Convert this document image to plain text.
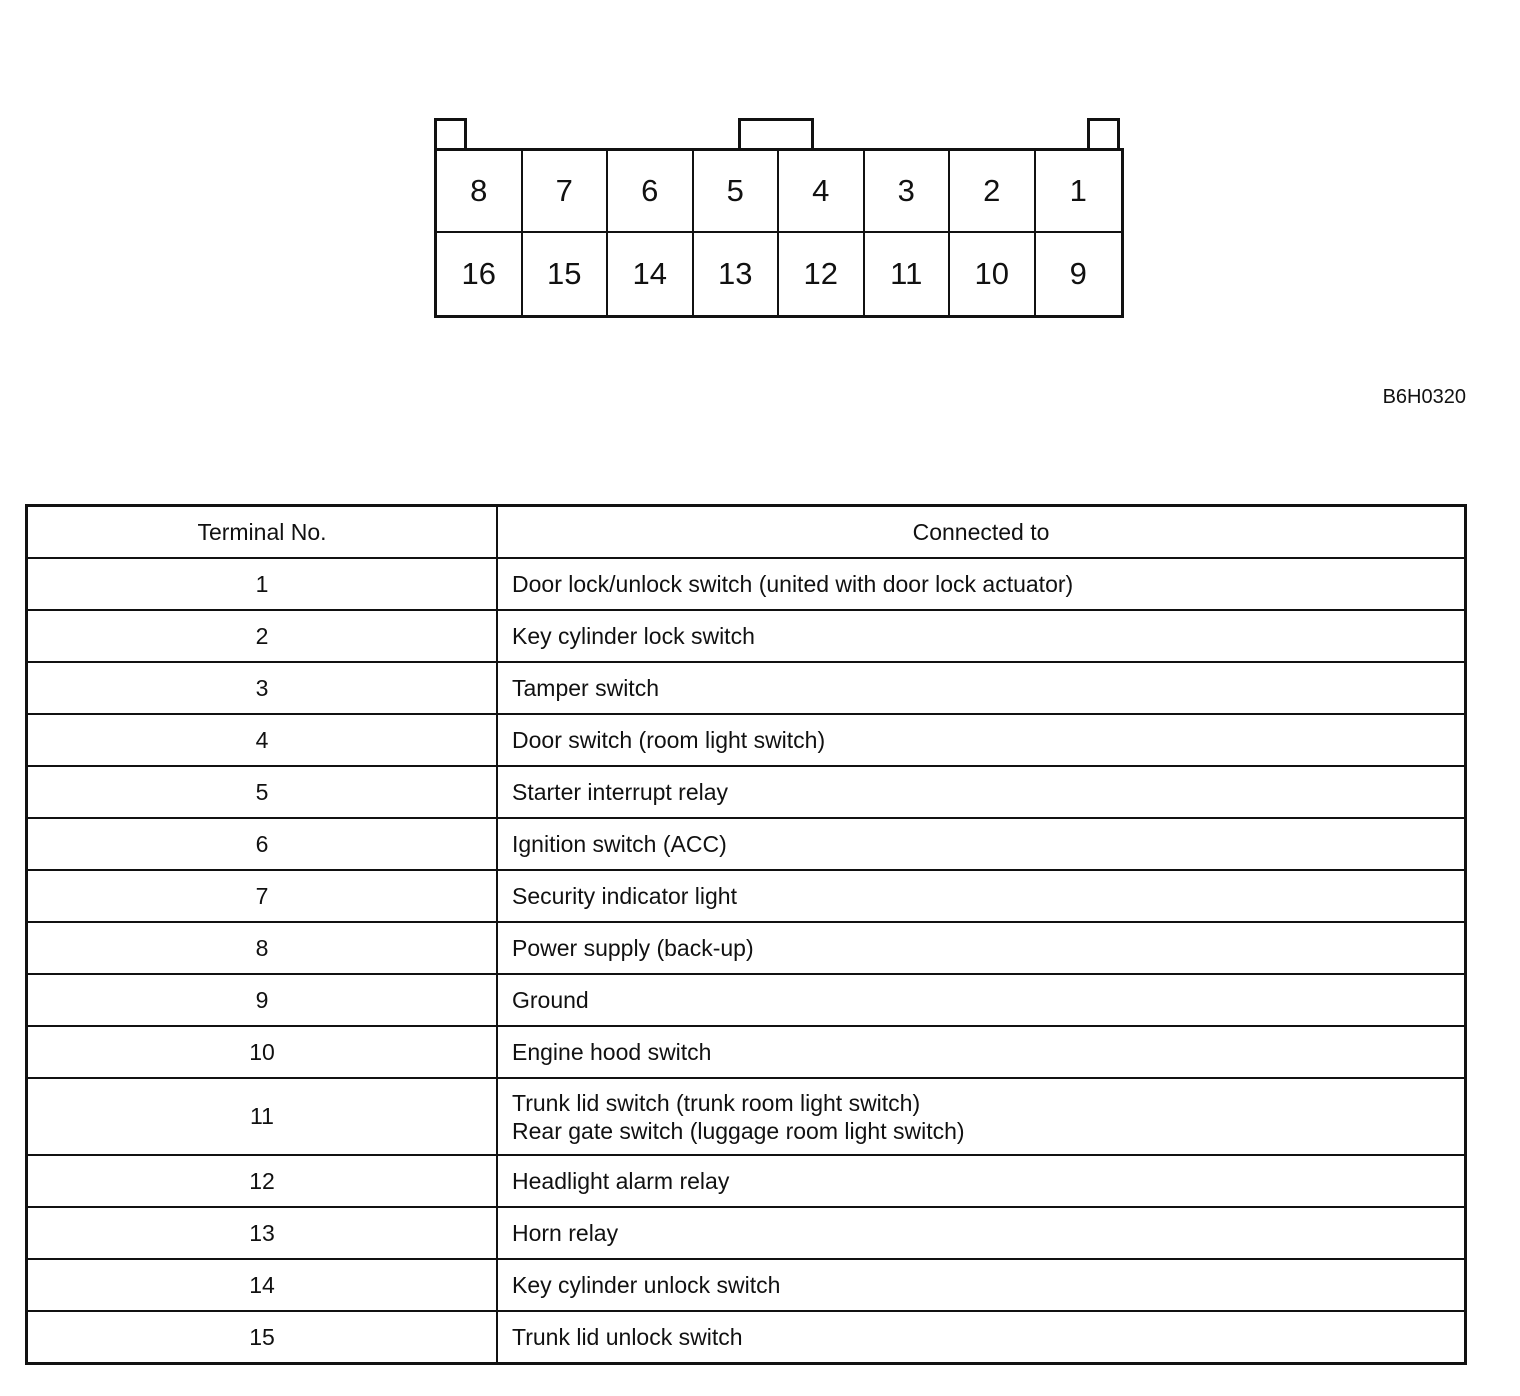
8	7	6	5	4	3	2	1
16	15	14	13	12	11	10	9
B6H0320
Terminal No.	Connected to
1	Door lock/unlock switch (united with door lock actuator)

2	Key cylinder lock switch

3	Tamper switch

4	Door switch (room light switch)

5	Starter interrupt relay

6	Ignition switch (ACC)

7	Security indicator light

8	Power supply (back-up)

9	Ground

10	Engine hood switch

11	Trunk lid switch (trunk room light switch)
Rear gate switch (luggage room light switch)

12	Headlight alarm relay

13	Horn relay

14	Key cylinder unlock switch

15	Trunk lid unlock switch
